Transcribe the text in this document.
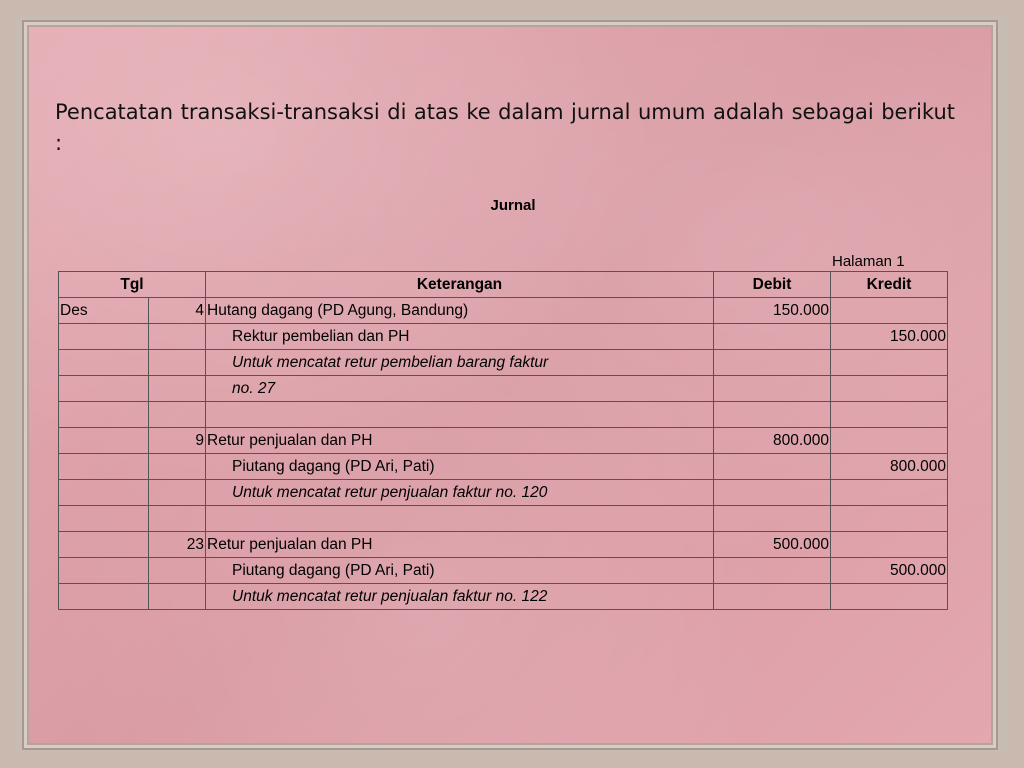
Pencatatan transaksi-transaksi di atas ke dalam jurnal umum adalah sebagai berikut :

Jurnal
Halaman 1
Tgl		Keterangan	Debit	Kredit
Des	4	Hutang dagang (PD Agung, Bandung)	150.000	
		Rektur pembelian dan PH		150.000
		Untuk mencatat retur pembelian barang faktur		
		no. 27		

	9	Retur penjualan dan PH	800.000	
		Piutang dagang (PD Ari, Pati)		800.000
		Untuk mencatat retur penjualan faktur no. 120		

	23	Retur penjualan dan PH	500.000	
		Piutang dagang (PD Ari, Pati)		500.000
		Untuk mencatat retur penjualan faktur no. 122		
